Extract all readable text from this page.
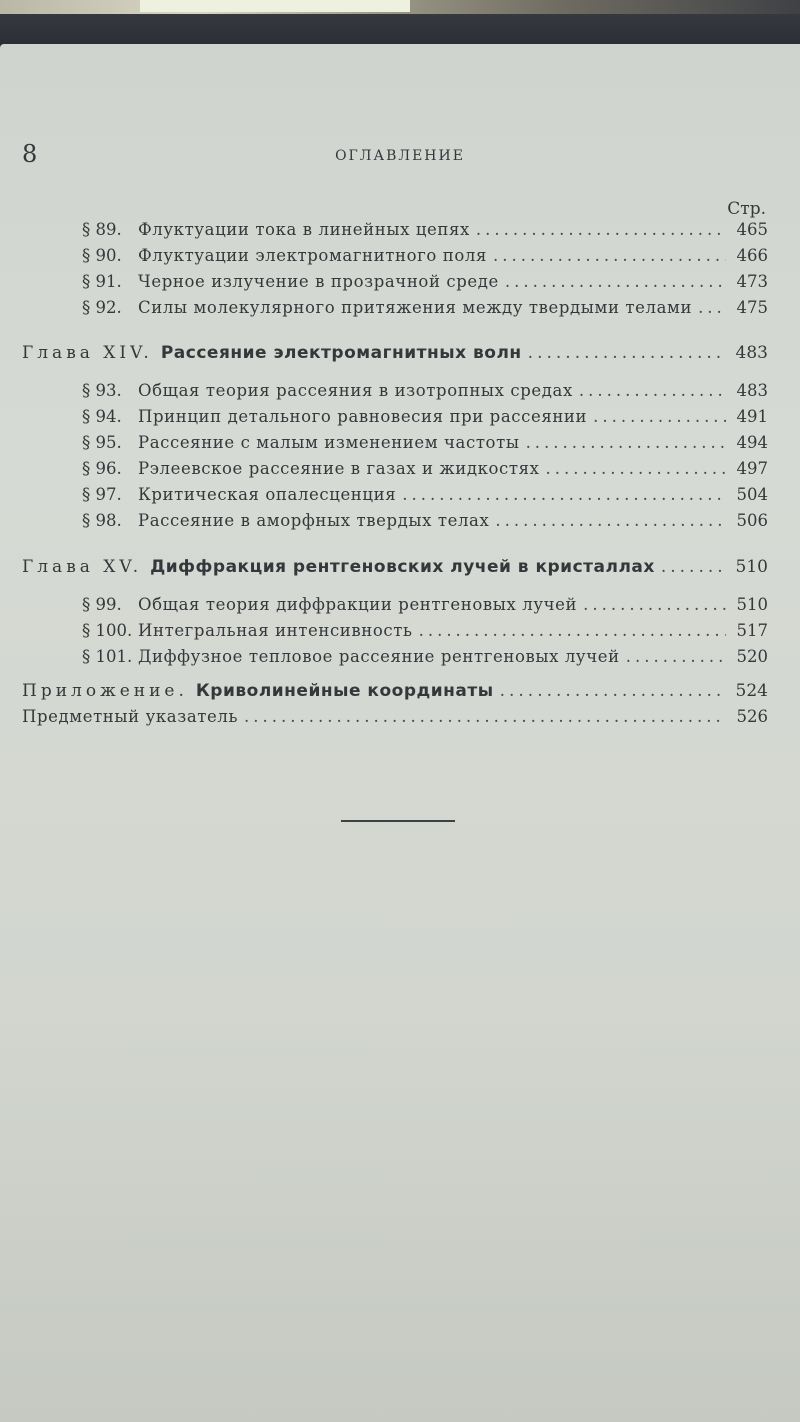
8	ОГЛАВЛЕНИЕ
Стр.
§ 89. Флуктуации тока в линейных цепях .....	465
§ 90. Флуктуации электромагнитного поля .....	466
§ 91. Черное излучение в прозрачной среде .....	473
§ 92. Силы молекулярного притяжения между твердыми телами .....	475
Глава XIV. Рассеяние электромагнитных волн .....	483
§ 93. Общая теория рассеяния в изотропных средах .....	483
§ 94. Принцип детального равновесия при рассеянии .....	491
§ 95. Рассеяние с малым изменением частоты .....	494
§ 96. Рэлеевское рассеяние в газах и жидкостях .....	497
§ 97. Критическая опалесценция .....	504
§ 98. Рассеяние в аморфных твердых телах .....	506
Глава XV. Диффракция рентгеновских лучей в кристаллах .....	510
§ 99. Общая теория диффракции рентгеновых лучей .....	510
§ 100. Интегральная интенсивность .....	517
§ 101. Диффузное тепловое рассеяние рентгеновых лучей .....	520
Приложение. Криволинейные координаты .....	524
Предметный указатель .....	526
